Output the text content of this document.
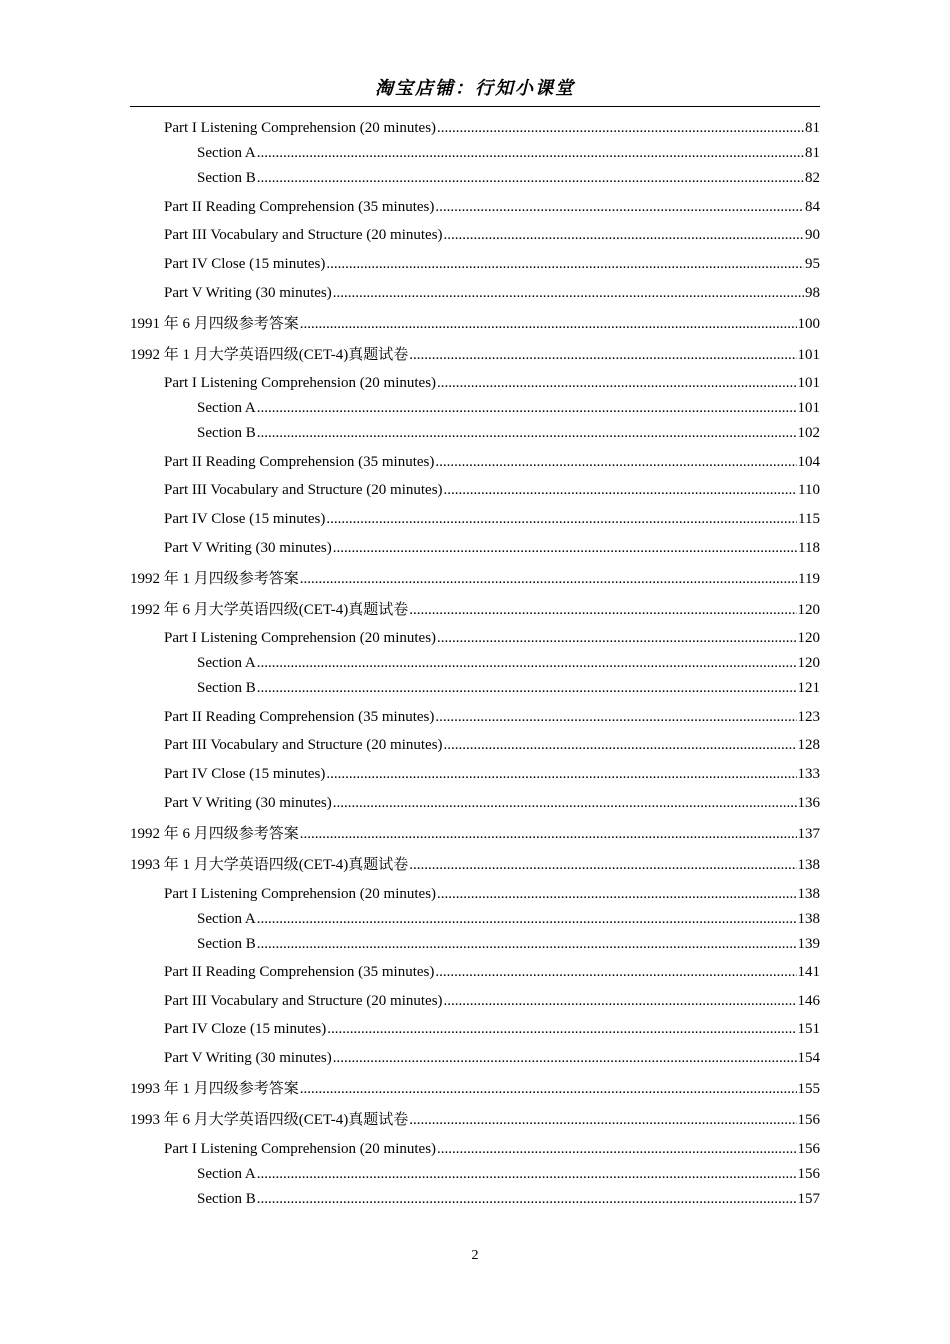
淘宝店铺：行知小课堂
Part I Listening Comprehension (20 minutes) .....	81
Section A .....	81
Section B .....	82
Part II Reading Comprehension (35 minutes) .....	84
Part III Vocabulary and Structure (20 minutes) .....	90
Part IV Close (15 minutes) .....	95
Part V Writing (30 minutes) .....	98
1991 年 6 月四级参考答案 .....	100
1992 年 1 月大学英语四级(CET-4)真题试卷 .....	101
Part I Listening Comprehension (20 minutes) .....	101
Section A .....	101
Section B .....	102
Part II Reading Comprehension (35 minutes) .....	104
Part III Vocabulary and Structure (20 minutes) .....	110
Part IV Close (15 minutes) .....	115
Part V Writing (30 minutes) .....	118
1992 年 1 月四级参考答案 .....	119
1992 年 6 月大学英语四级(CET-4)真题试卷 .....	120
Part I Listening Comprehension (20 minutes) .....	120
Section A .....	120
Section B .....	121
Part II Reading Comprehension (35 minutes) .....	123
Part III Vocabulary and Structure (20 minutes) .....	128
Part IV Close (15 minutes) .....	133
Part V Writing (30 minutes) .....	136
1992 年 6 月四级参考答案 .....	137
1993 年 1 月大学英语四级(CET-4)真题试卷 .....	138
Part I Listening Comprehension (20 minutes) .....	138
Section A .....	138
Section B .....	139
Part II Reading Comprehension (35 minutes) .....	141
Part III Vocabulary and Structure (20 minutes) .....	146
Part IV Cloze (15 minutes) .....	151
Part V Writing (30 minutes) .....	154
1993 年 1 月四级参考答案 .....	155
1993 年 6 月大学英语四级(CET-4)真题试卷 .....	156
Part I Listening Comprehension (20 minutes) .....	156
Section A .....	156
Section B .....	157
2
